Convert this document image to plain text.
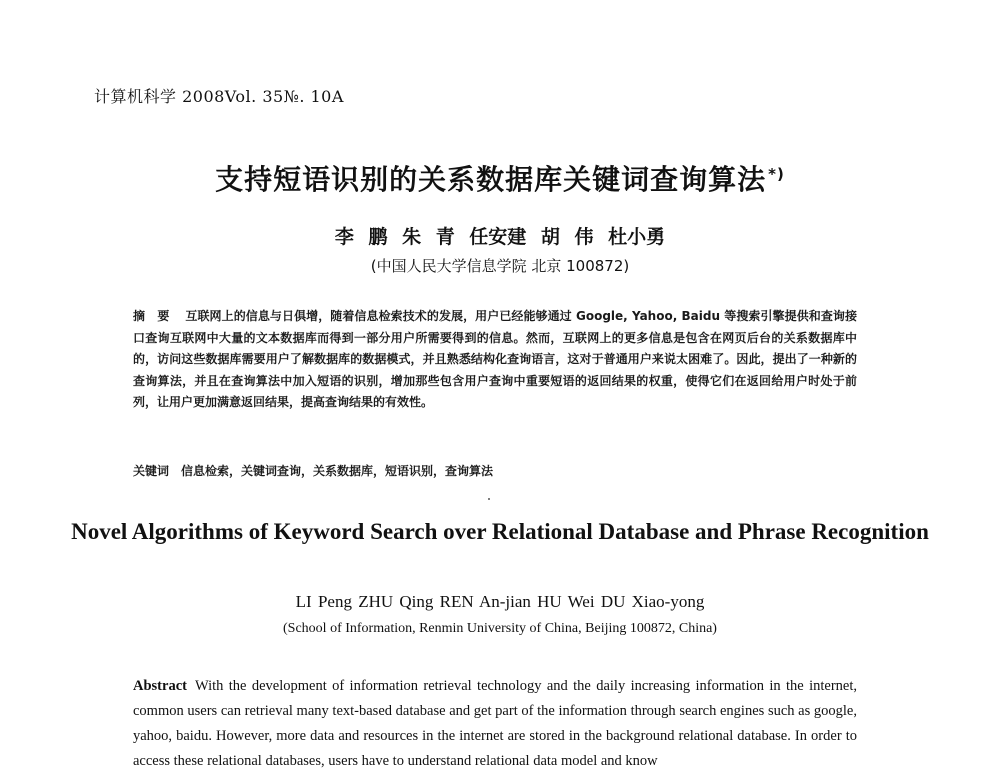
计算机科学 2008Vol. 35№. 10A
支持短语识别的关系数据库关键词查询算法 *)
李 鹏 朱 青 任安建 胡 伟 杜小勇
(中国人民大学信息学院 北京 100872)
摘 要 互联网上的信息与日俱增，随着信息检索技术的发展，用户已经能够通过 Google, Yahoo, Baidu 等搜索引擎提供和查询接口查询互联网中大量的文本数据库而得到一部分用户所需要得到的信息。然而，互联网上的更多信息是包含在网页后台的关系数据库中的，访问这些数据库需要用户了解数据库的数据模式，并且熟悉结构化查询语言，这对于普通用户来说太困难了。因此，提出了一种新的查询算法，并且在查询算法中加入短语的识别，增加那些包含用户查询中重要短语的返回结果的权重，使得它们在返回给用户时处于前列，让用户更加满意返回结果，提高查询结果的有效性。
关键词 信息检索，关键词查询，关系数据库，短语识别，查询算法
Novel Algorithms of Keyword Search over Relational Database and Phrase Recognition
LI Peng ZHU Qing REN An-jian HU Wei DU Xiao-yong
(School of Information, Renmin University of China, Beijing 100872, China)
Abstract With the development of information retrieval technology and the daily increasing information in the internet, common users can retrieval many text-based database and get part of the information through search engines such as google, yahoo, baidu. However, more data and resources in the internet are stored in the background relational database. In order to access these relational databases, users have to understand relational data model and know
